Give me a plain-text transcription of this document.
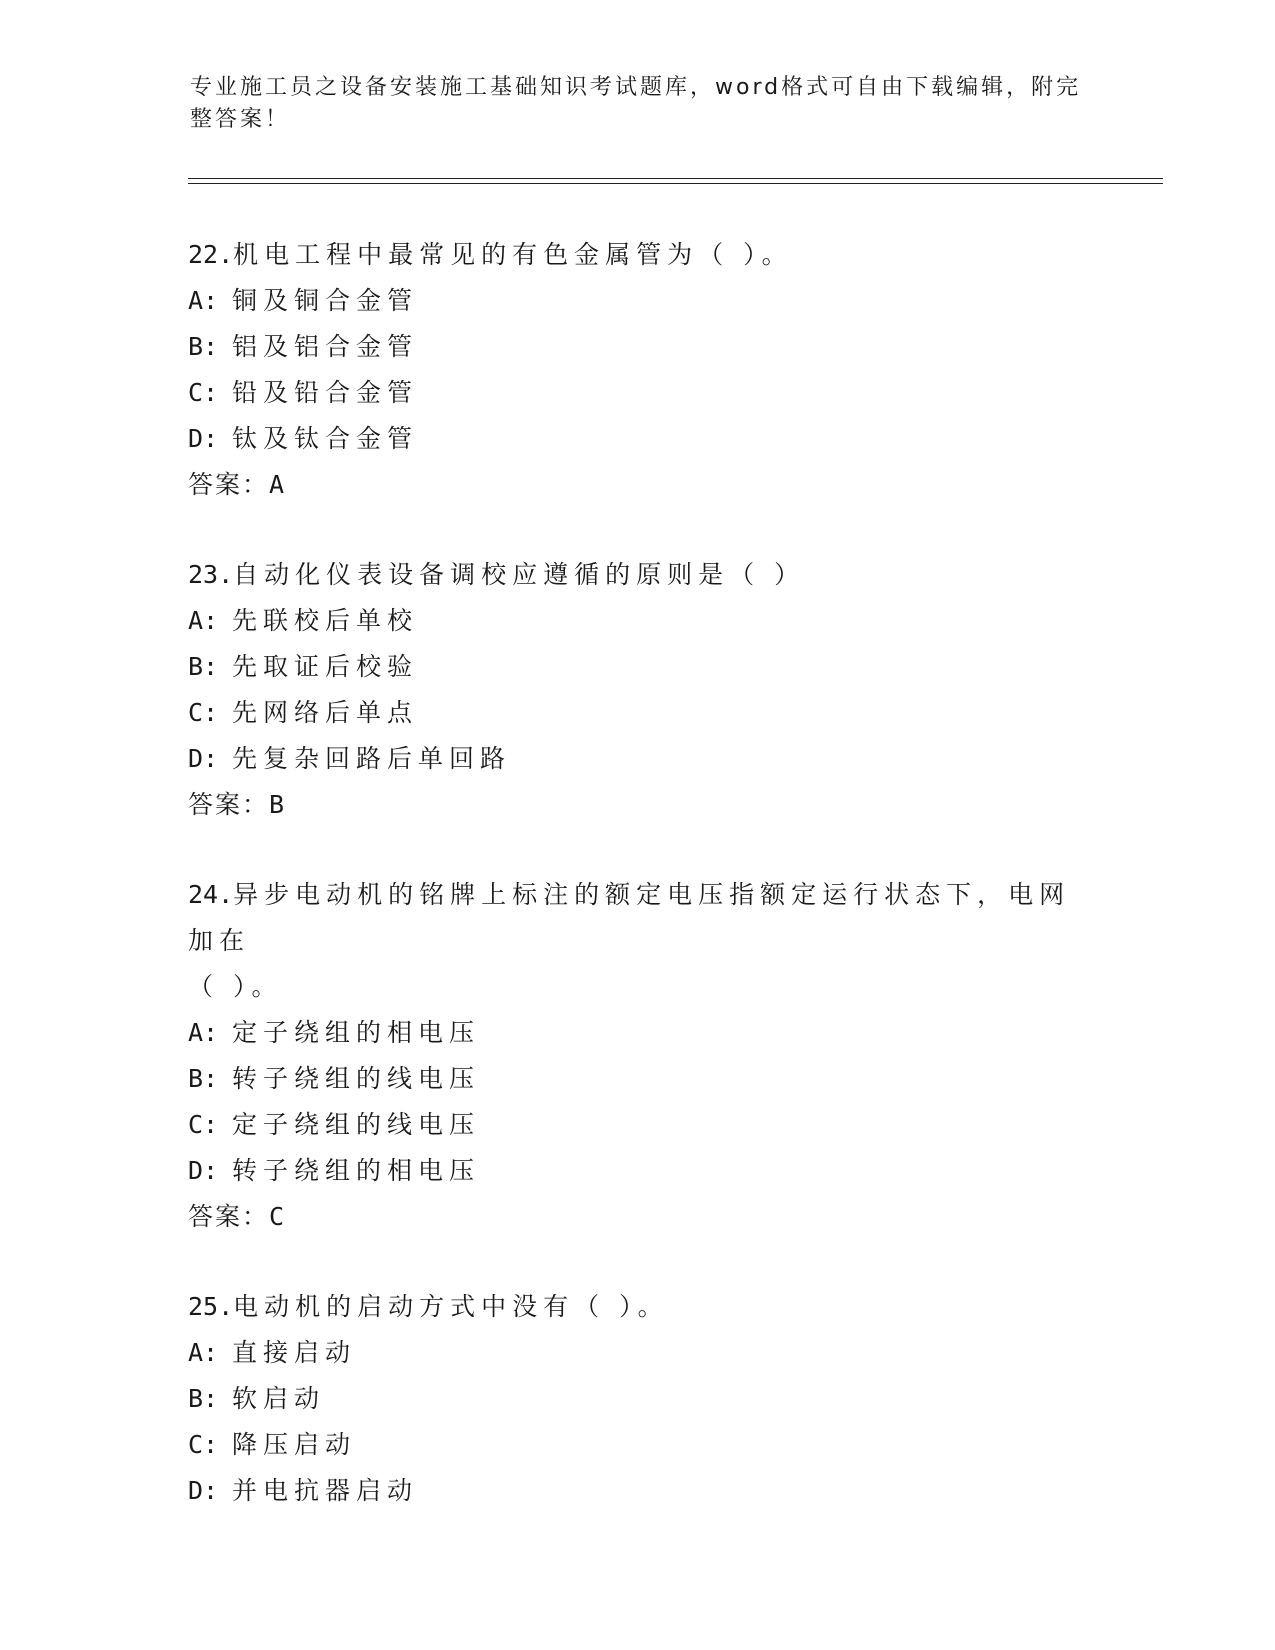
专业施工员之设备安装施工基础知识考试题库，word格式可自由下载编辑，附完
整答案！
22.机电工程中最常见的有色金属管为（ ）。
A: 铜及铜合金管
B: 铝及铝合金管
C: 铅及铅合金管
D: 钛及钛合金管
答案：A
23.自动化仪表设备调校应遵循的原则是（ ）
A: 先联校后单校
B: 先取证后校验
C: 先网络后单点
D: 先复杂回路后单回路
答案：B
24.异步电动机的铭牌上标注的额定电压指额定运行状态下，电网加在
（ ）。
A: 定子绕组的相电压
B: 转子绕组的线电压
C: 定子绕组的线电压
D: 转子绕组的相电压
答案：C
25.电动机的启动方式中没有（ ）。
A: 直接启动
B: 软启动
C: 降压启动
D: 并电抗器启动
